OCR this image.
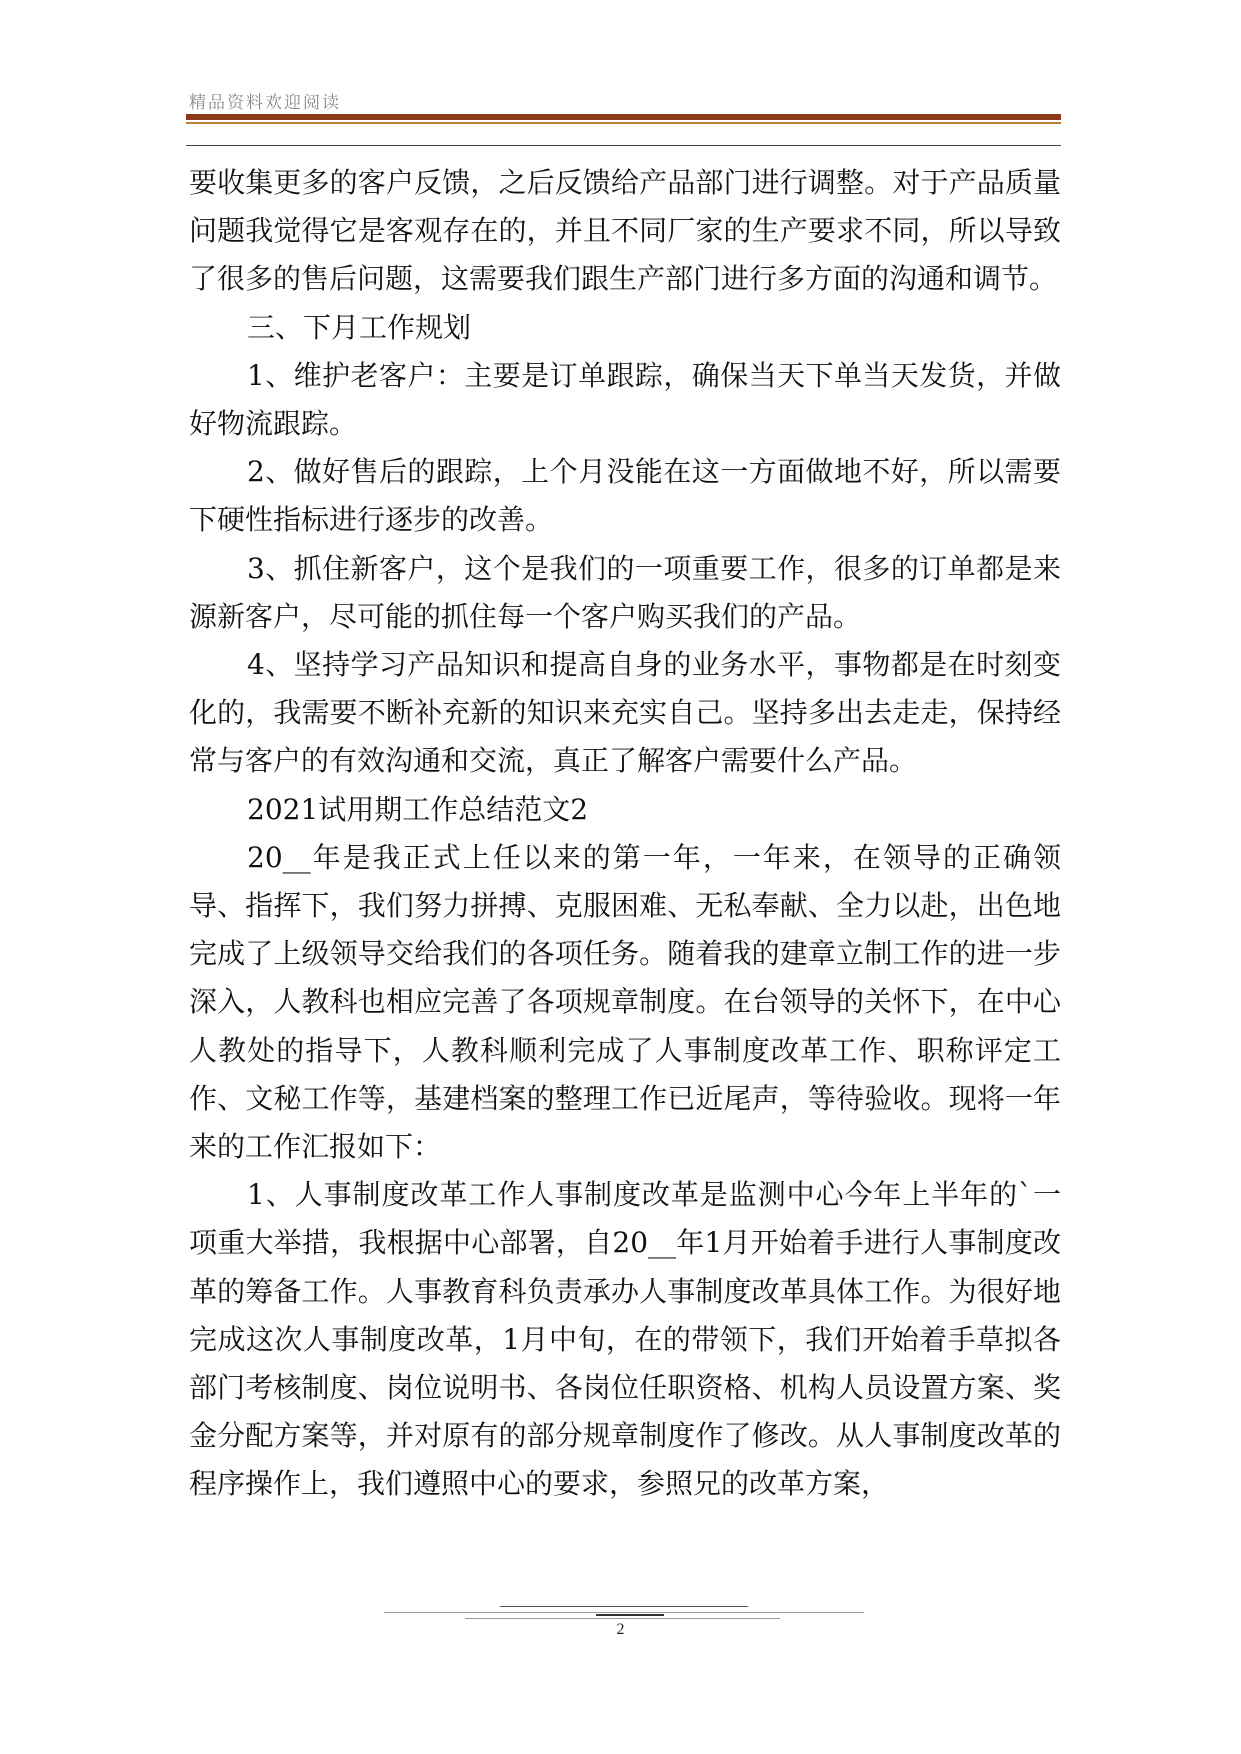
精品资料欢迎阅读

要收集更多的客户反馈，之后反馈给产品部门进行调整。对于产品质量问题我觉得它是客观存在的，并且不同厂家的生产要求不同，所以导致了很多的售后问题，这需要我们跟生产部门进行多方面的沟通和调节。

三、下月工作规划

1、维护老客户：主要是订单跟踪，确保当天下单当天发货，并做好物流跟踪。

2、做好售后的跟踪，上个月没能在这一方面做地不好，所以需要下硬性指标进行逐步的改善。

3、抓住新客户，这个是我们的一项重要工作，很多的订单都是来源新客户，尽可能的抓住每一个客户购买我们的产品。

4、坚持学习产品知识和提高自身的业务水平，事物都是在时刻变化的，我需要不断补充新的知识来充实自己。坚持多出去走走，保持经常与客户的有效沟通和交流，真正了解客户需要什么产品。

2021试用期工作总结范文2

20__年是我正式上任以来的第一年，一年来，在领导的正确领导、指挥下，我们努力拼搏、克服困难、无私奉献、全力以赴，出色地完成了上级领导交给我们的各项任务。随着我的建章立制工作的进一步深入，人教科也相应完善了各项规章制度。在台领导的关怀下，在中心人教处的指导下，人教科顺利完成了人事制度改革工作、职称评定工作、文秘工作等，基建档案的整理工作已近尾声，等待验收。现将一年来的工作汇报如下：

1、人事制度改革工作人事制度改革是监测中心今年上半年的`一项重大举措，我根据中心部署，自20__年1月开始着手进行人事制度改革的筹备工作。人事教育科负责承办人事制度改革具体工作。为很好地完成这次人事制度改革，1月中旬，在的带领下，我们开始着手草拟各部门考核制度、岗位说明书、各岗位任职资格、机构人员设置方案、奖金分配方案等，并对原有的部分规章制度作了修改。从人事制度改革的程序操作上，我们遵照中心的要求，参照兄的改革方案，

2
